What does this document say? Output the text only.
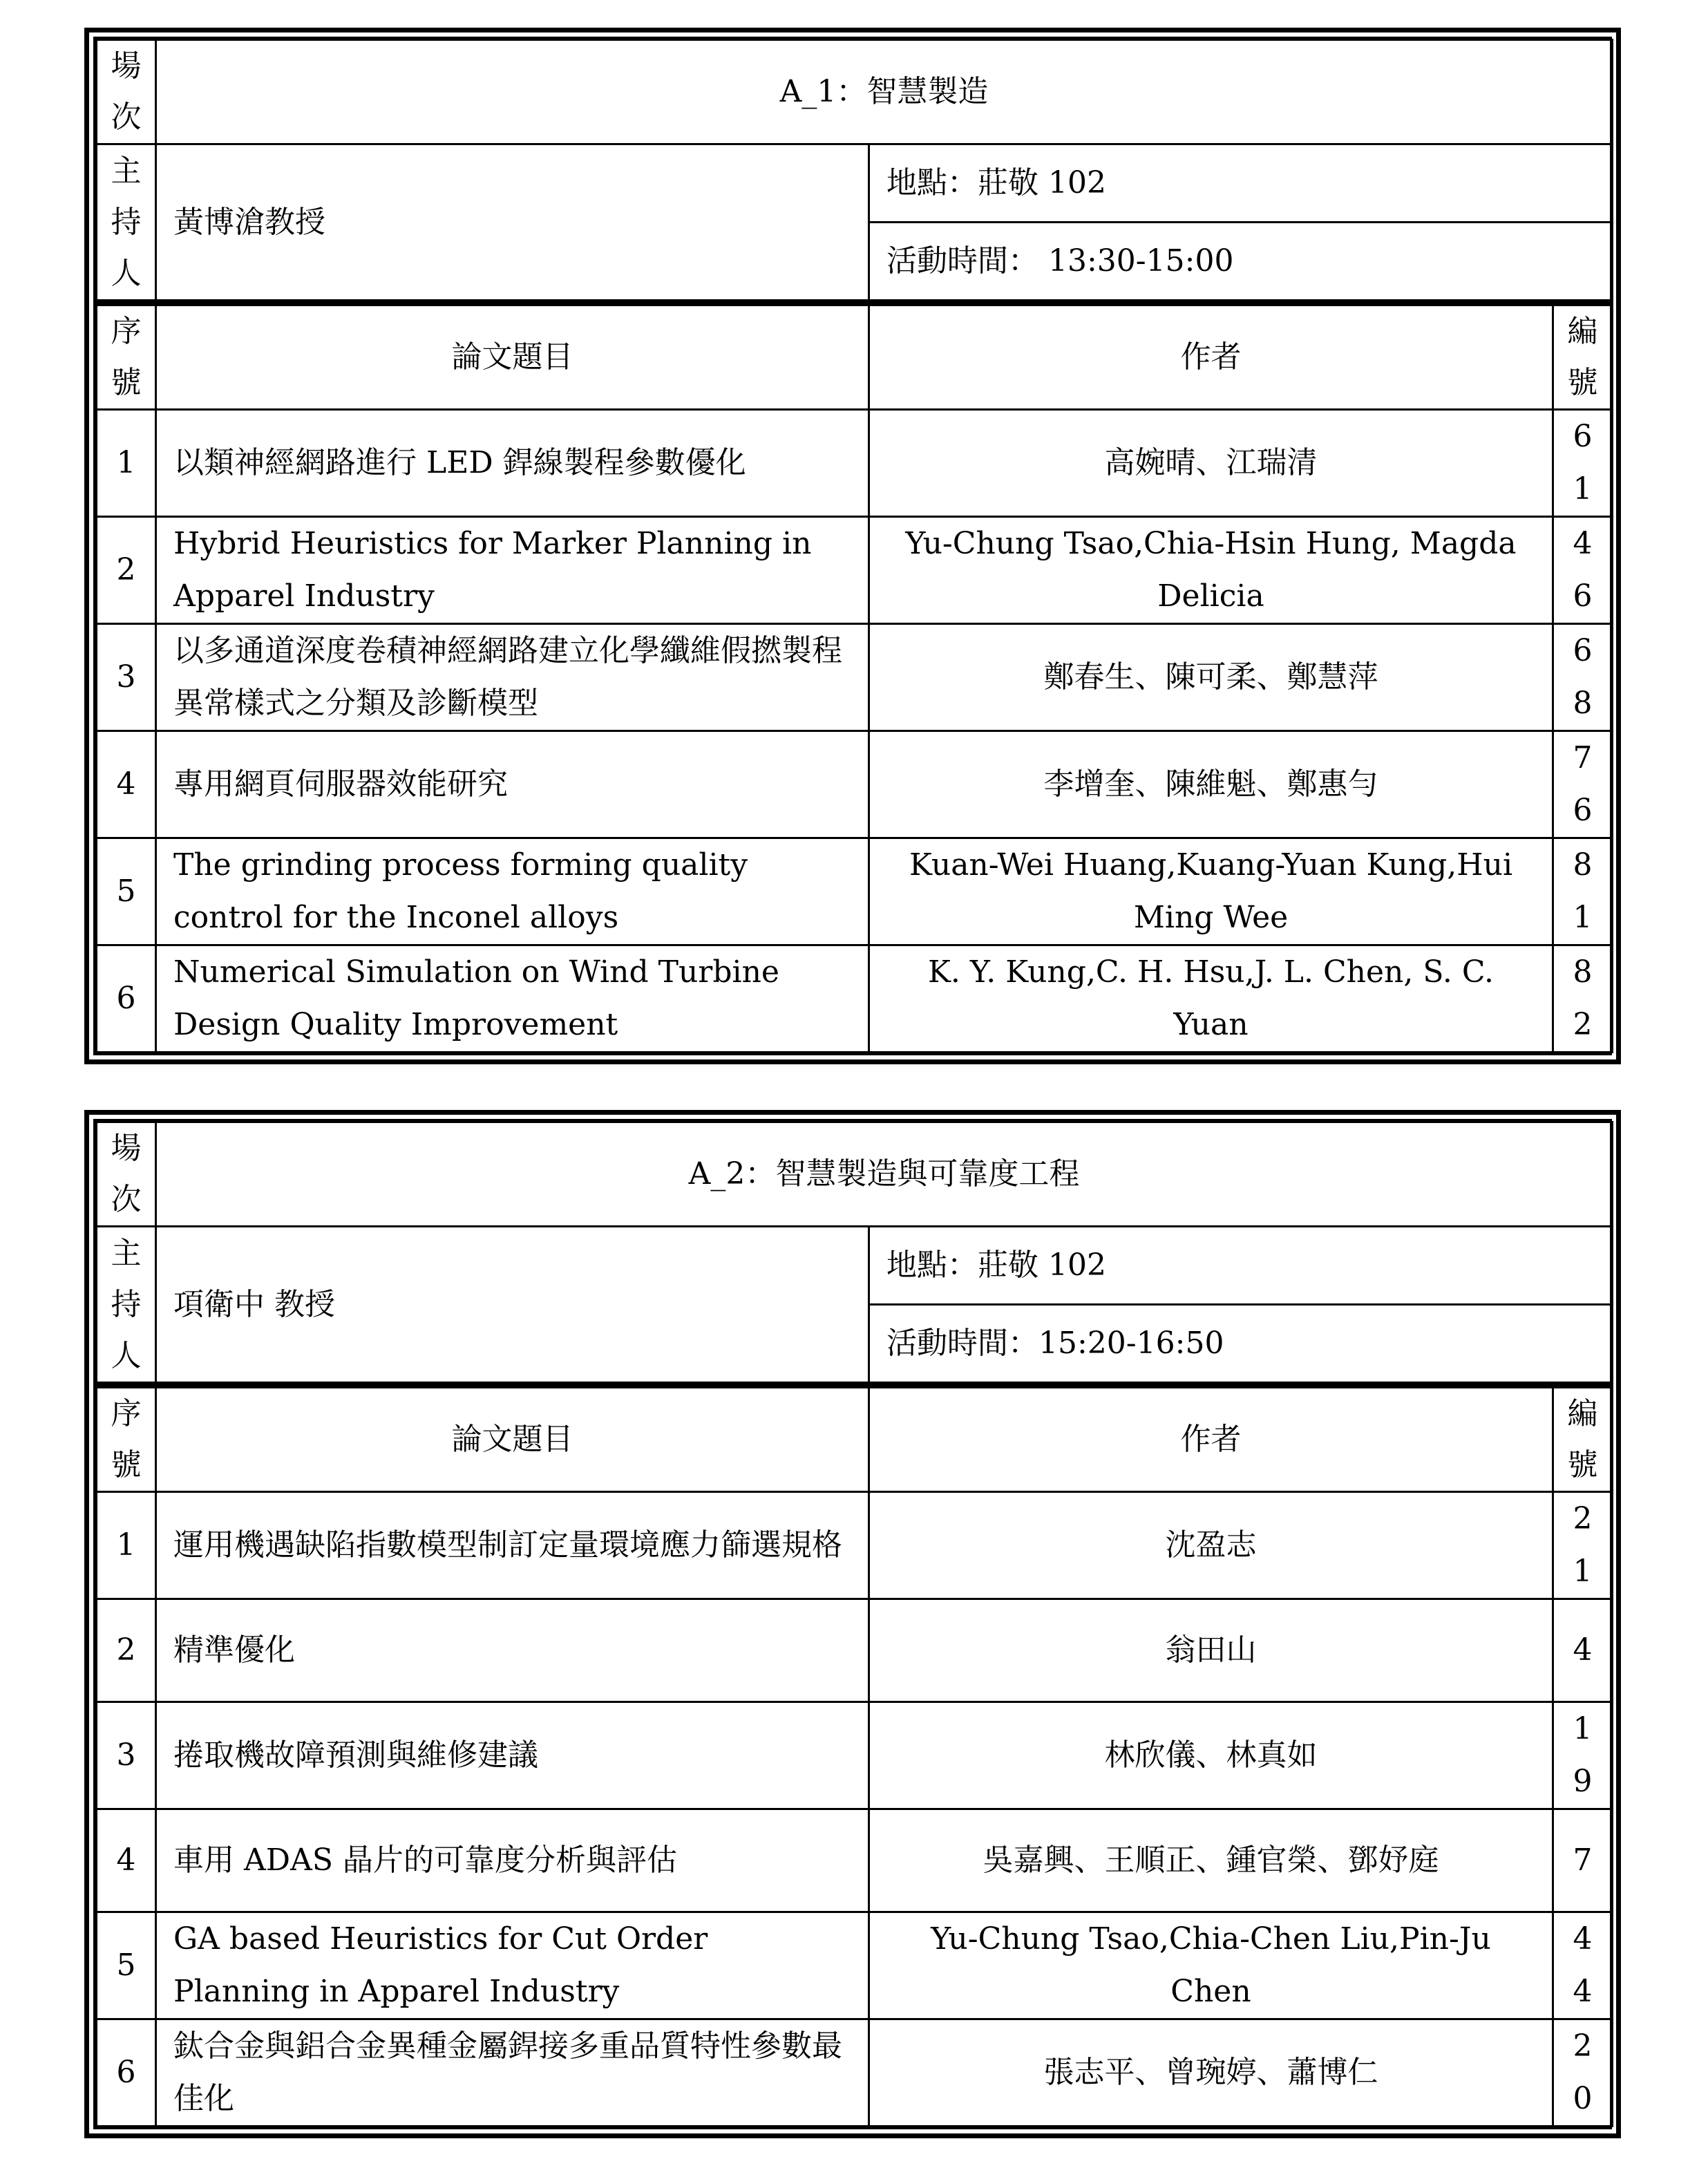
場次	A_1：智慧製造		
主持人	黃博滄教授	地點：莊敬 102	
		活動時間： 13:30-15:00	
序號	論文題目	作者	編號
1	以類神經網路進行 LED 銲線製程參數優化	高婉晴、江瑞清	61
2	Hybrid Heuristics for Marker Planning in Apparel Industry	Yu-Chung Tsao,Chia-Hsin Hung, Magda Delicia	46
3	以多通道深度卷積神經網路建立化學纖維假撚製程異常樣式之分類及診斷模型	鄭春生、陳可柔、鄭慧萍	68
4	專用網頁伺服器效能研究	李增奎、陳維魁、鄭惠勻	76
5	The grinding process forming quality control for the Inconel alloys	Kuan-Wei Huang,Kuang-Yuan Kung,Hui Ming Wee	81
6	Numerical Simulation on Wind Turbine Design Quality Improvement	K. Y. Kung,C. H. Hsu,J. L. Chen, S. C. Yuan	82
場次	A_2：智慧製造與可靠度工程		
主持人	項衛中 教授	地點：莊敬 102	
		活動時間：15:20-16:50	
序號	論文題目	作者	編號
1	運用機遇缺陷指數模型制訂定量環境應力篩選規格	沈盈志	21
2	精準優化	翁田山	4
3	捲取機故障預測與維修建議	林欣儀、林真如	19
4	車用 ADAS 晶片的可靠度分析與評估	吳嘉興、王順正、鍾官榮、鄧妤庭	7
5	GA based Heuristics for Cut Order Planning in Apparel Industry	Yu-Chung Tsao,Chia-Chen Liu,Pin-Ju Chen	44
6	鈦合金與鋁合金異種金屬銲接多重品質特性參數最佳化	張志平、曾琬婷、蕭博仁	20
